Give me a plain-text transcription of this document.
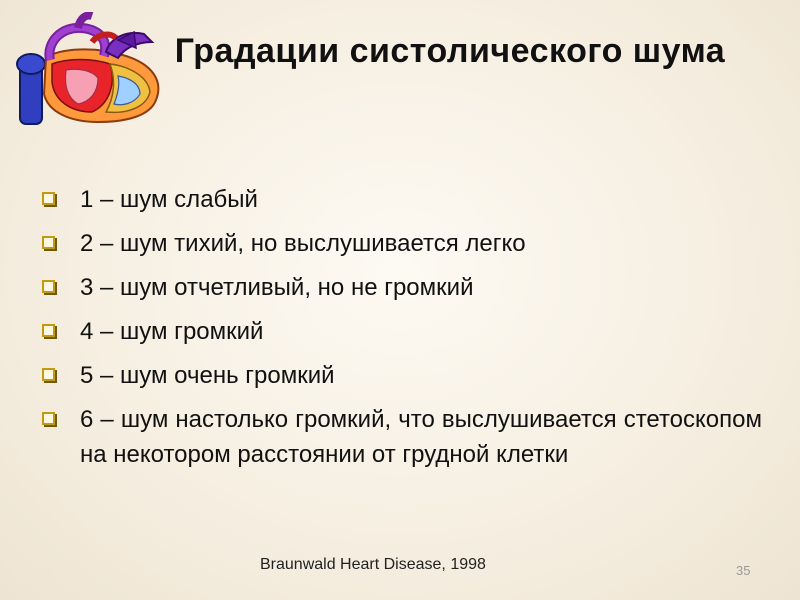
Градации систолического шума
1 – шум слабый
2 – шум тихий, но выслушивается легко
3 – шум отчетливый, но не громкий
4 – шум громкий
5 – шум очень громкий
6 – шум настолько громкий, что выслушивается стетоскопом на некотором расстоянии от грудной клетки
Braunwald Heart Disease, 1998	35
